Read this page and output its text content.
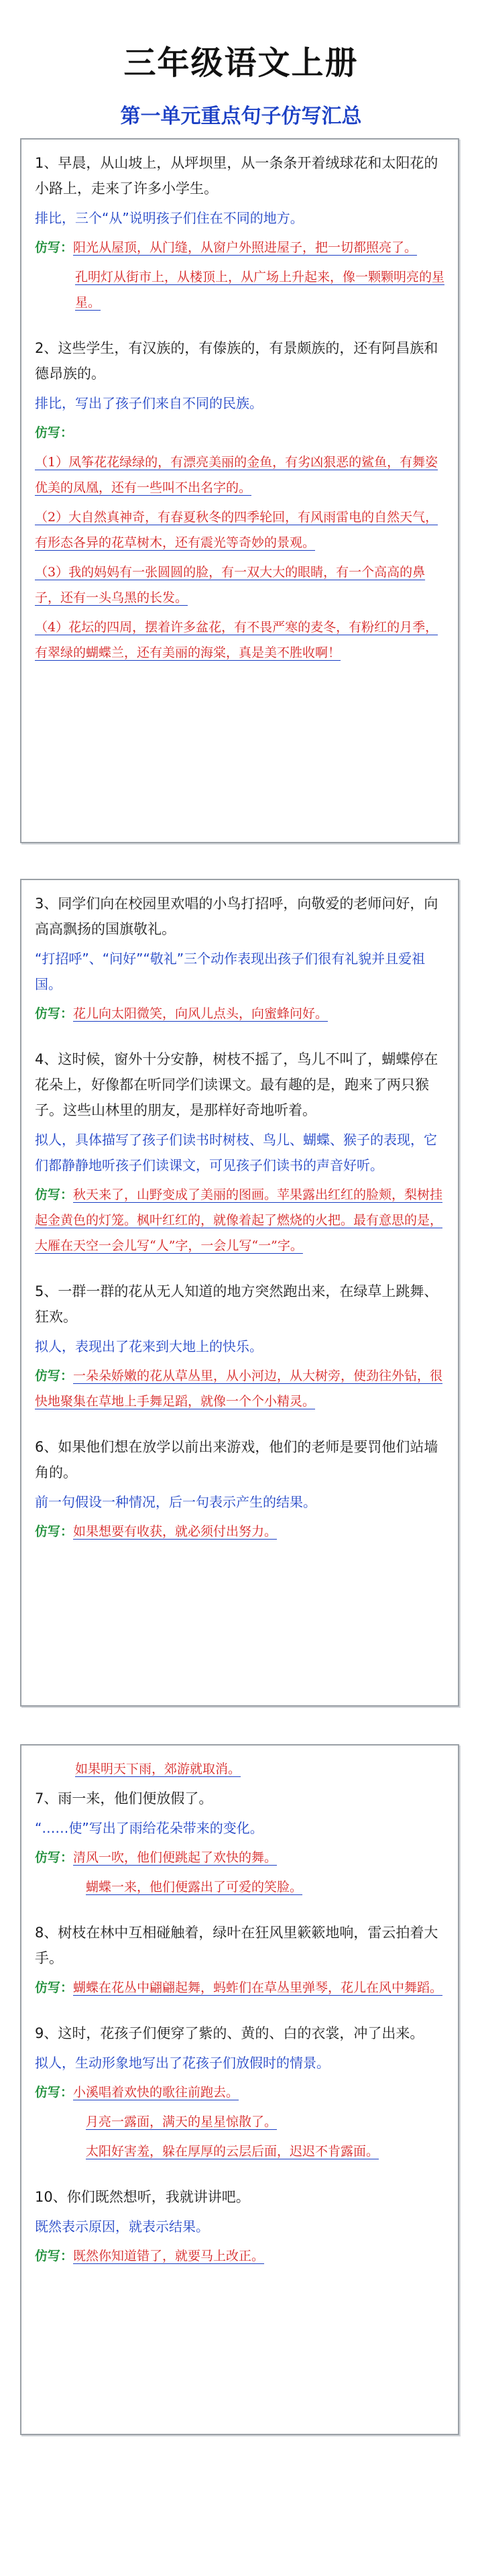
三年级语文上册
第一单元重点句子仿写汇总

1、早晨，从山坡上，从坪坝里，从一条条开着绒球花和太阳花的小路上，走来了许多小学生。

排比，三个“从”说明孩子们住在不同的地方。

仿写：阳光从屋顶，从门缝，从窗户外照进屋子，把一切都照亮了。

孔明灯从街市上，从楼顶上，从广场上升起来，像一颗颗明亮的星星。

2、这些学生，有汉族的，有傣族的，有景颇族的，还有阿昌族和德昂族的。

排比，写出了孩子们来自不同的民族。

仿写：

（1）凤筝花花绿绿的，有漂亮美丽的金鱼，有劣凶狠恶的鲨鱼，有舞姿优美的凤凰，还有一些叫不出名字的。

（2）大自然真神奇，有春夏秋冬的四季轮回，有风雨雷电的自然天气，有形态各异的花草树木，还有震光等奇妙的景观。

（3）我的妈妈有一张圆圆的脸，有一双大大的眼睛，有一个高高的鼻子，还有一头乌黑的长发。

（4）花坛的四周，摆着许多盆花，有不畏严寒的麦冬，有粉红的月季，有翠绿的蝴蝶兰，还有美丽的海棠，真是美不胜收啊！

3、同学们向在校园里欢唱的小鸟打招呼，向敬爱的老师问好，向高高飘扬的国旗敬礼。

“打招呼”、“问好”“敬礼”三个动作表现出孩子们很有礼貌并且爱祖国。

仿写：花儿向太阳微笑，向风儿点头，向蜜蜂问好。

4、这时候，窗外十分安静，树枝不摇了，鸟儿不叫了，蝴蝶停在花朵上，好像都在听同学们读课文。最有趣的是，跑来了两只猴子。这些山林里的朋友，是那样好奇地听着。

拟人，具体描写了孩子们读书时树枝、鸟儿、蝴蝶、猴子的表现，它们都静静地听孩子们读课文，可见孩子们读书的声音好听。

仿写：秋天来了，山野变成了美丽的图画。苹果露出红红的脸颊，梨树挂起金黄色的灯笼。枫叶红红的，就像着起了燃烧的火把。最有意思的是，大雁在天空一会儿写“人”字，一会儿写“一”字。

5、一群一群的花从无人知道的地方突然跑出来，在绿草上跳舞、狂欢。

拟人，表现出了花来到大地上的快乐。

仿写：一朵朵娇嫩的花从草丛里，从小河边，从大树旁，使劲往外钻，很快地聚集在草地上手舞足蹈，就像一个个小精灵。

6、如果他们想在放学以前出来游戏，他们的老师是要罚他们站墙角的。

前一句假设一种情况，后一句表示产生的结果。

仿写：如果想要有收获，就必须付出努力。

如果明天下雨，郊游就取消。

7、雨一来，他们便放假了。

“……使”写出了雨给花朵带来的变化。

仿写：清风一吹，他们便跳起了欢快的舞。

蝴蝶一来，他们便露出了可爱的笑脸。

8、树枝在林中互相碰触着，绿叶在狂风里簌簌地响，雷云拍着大手。

仿写：蝴蝶在花丛中翩翩起舞，蚂蚱们在草丛里弹琴，花儿在风中舞蹈。

9、这时，花孩子们便穿了紫的、黄的、白的衣裳，冲了出来。

拟人，生动形象地写出了花孩子们放假时的情景。

仿写：小溪唱着欢快的歌往前跑去。

月亮一露面，满天的星星惊散了。

太阳好害羞，躲在厚厚的云层后面，迟迟不肯露面。

10、你们既然想听，我就讲讲吧。

既然表示原因，就表示结果。

仿写：既然你知道错了，就要马上改正。
